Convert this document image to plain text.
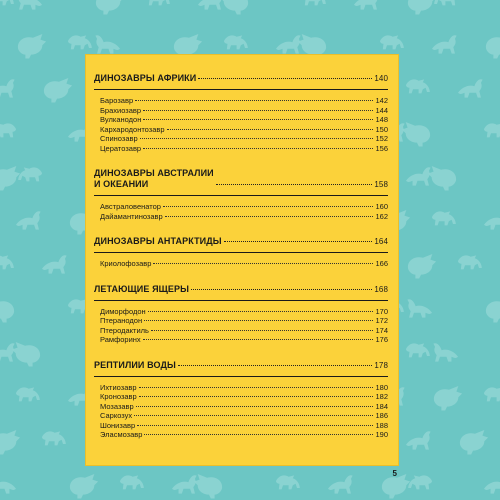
ДИНОЗАВРЫ АФРИКИ	140
Барозавр	142
Брахиозавр	144
Вулканодон	148
Кархародонтозавр	150
Спинозавр	152
Цератозавр	156
ДИНОЗАВРЫ АВСТРАЛИИ
И ОКЕАНИИ	158
Австраловенатор	160
Дайамантинозавр	162
ДИНОЗАВРЫ АНТАРКТИДЫ	164
Криолофозавр	166
ЛЕТАЮЩИЕ ЯЩЕРЫ	168
Диморфодон	170
Птеранодон	172
Птеродактиль	174
Рамфоринх	176
РЕПТИЛИИ ВОДЫ	178
Ихтиозавр	180
Кронозавр	182
Мозазавр	184
Саркозух	186
Шонизавр	188
Эласмозавр	190
5
